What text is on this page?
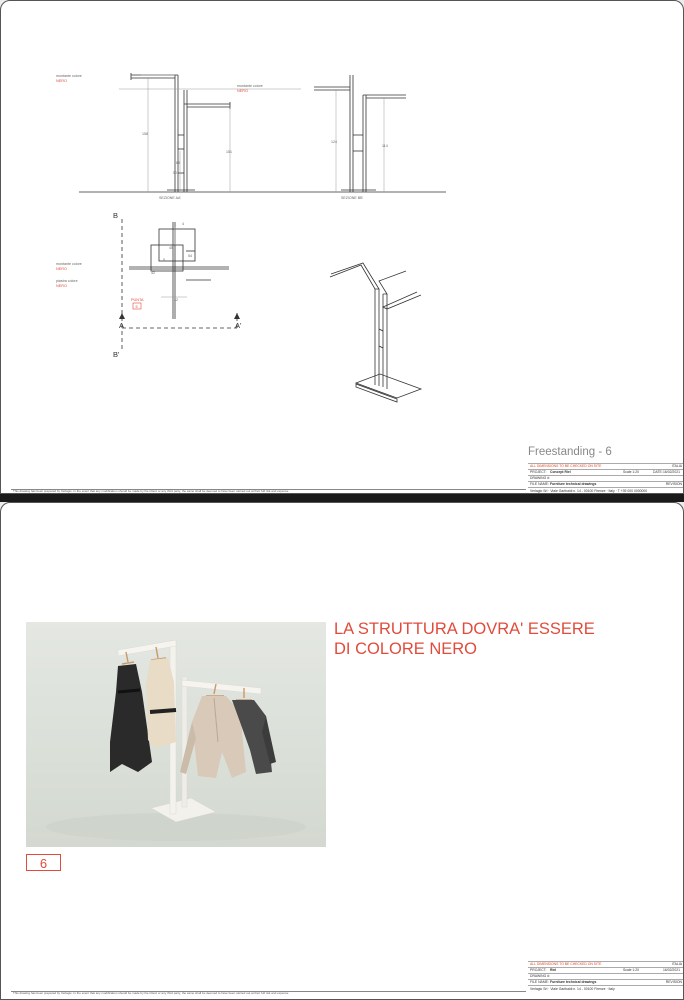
SEZIONE AA'	SEZIONE BB'
montante colore
montante colore
montante colore
piastra colore
158
68
50
151
124
114
45
5
42
54
42
4
NERO
NERO
NERO
NERO
PUNTA
5
A	A'
B
B'
Freestanding - 6
ALL DIMENSIONS TO BE CHECKED ON SITE	ITALIA
PROJECT: Concept Riel	Scale 1:20	DATE: 16/02/2021
DRAWING #:
FILE NAME: Furniture technical drawings	REVISION
Verlagio Srl · Viale Garibaldi n. 14 - 00100 Firenze · Italy · T +39 000 0000000
This drawing has been prepared by Verlagio. In the event that any modification should be made by the Client or any third party, the same shall be deemed to have been carried out at their full risk and expense
LA STRUTTURA DOVRA' ESSERE
DI COLORE NERO
6
ALL DIMENSIONS TO BE CHECKED ON SITE	ITALIA
PROJECT: Riel	Scale 1:20	16/02/2021
DRAWING #:
FILE NAME: Furniture technical drawings	REVISION
Verlagio Srl · Viale Garibaldi n. 14 - 00100 Firenze · Italy
This drawing has been prepared by Verlagio. In the event that any modification should be made by the Client or any third party, the same shall be deemed to have been carried out at their full risk and expense
